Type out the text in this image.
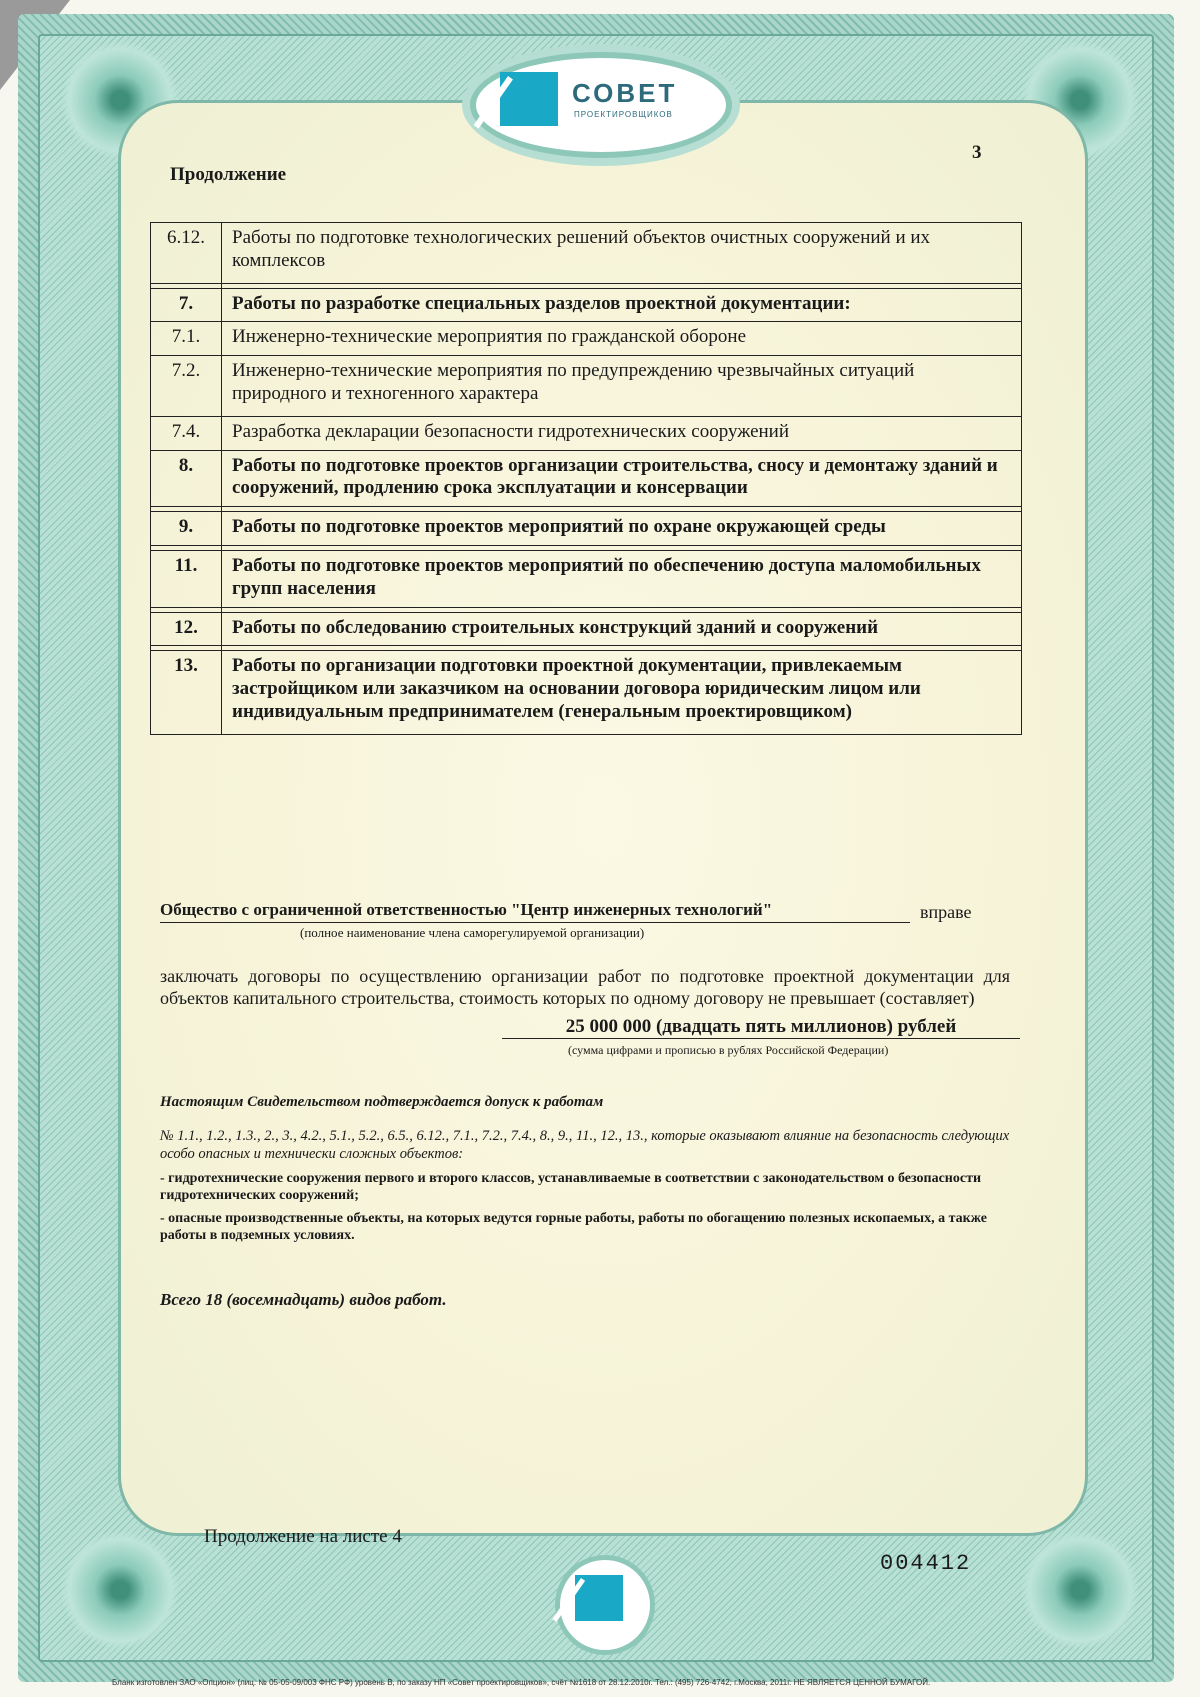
СОВЕТ
ПРОЕКТИРОВЩИКОВ
Продолжение
3
6.12.	Работы по подготовке технологических решений объектов очистных сооружений и их комплексов

7.	Работы по разработке специальных разделов проектной документации:
7.1.	Инженерно-технические мероприятия по гражданской обороне
7.2.	Инженерно-технические мероприятия по предупреждению чрезвычайных ситуаций природного и техногенного характера
7.4.	Разработка декларации безопасности гидротехнических сооружений
8.	Работы по подготовке проектов организации строительства, сносу и демонтажу зданий и сооружений, продлению срока эксплуатации и консервации

9.	Работы по подготовке проектов мероприятий по охране окружающей среды

11.	Работы по подготовке проектов мероприятий по обеспечению доступа маломобильных групп населения

12.	Работы по обследованию строительных конструкций зданий и сооружений

13.	Работы по организации подготовки проектной документации, привлекаемым застройщиком или заказчиком на основании договора юридическим лицом или индивидуальным предпринимателем (генеральным проектировщиком)
Общество с ограниченной ответственностью "Центр инженерных технологий"	вправе
(полное наименование члена саморегулируемой организации)
заключать договоры по осуществлению организации работ по подготовке проектной документации для объектов капитального строительства, стоимость которых по одному договору не превышает (составляет)
25 000 000 (двадцать пять миллионов) рублей
(сумма цифрами и прописью в рублях Российской Федерации)
Настоящим Свидетельством подтверждается допуск к работам
№ 1.1., 1.2., 1.3., 2., 3., 4.2., 5.1., 5.2., 6.5., 6.12., 7.1., 7.2., 7.4., 8., 9., 11., 12., 13., которые оказывают влияние на безопасность следующих особо опасных и технически сложных объектов:
- гидротехнические сооружения первого и второго классов, устанавливаемые в соответствии с законодательством о безопасности гидротехнических сооружений;
- опасные производственные объекты, на которых ведутся горные работы, работы по обогащению полезных ископаемых, а также работы в подземных условиях.
Всего 18 (восемнадцать) видов работ.
Продолжение на листе 4
004412
Бланк изготовлен ЗАО «Опцион» (лиц. № 05-05-09/003 ФНС РФ) уровень В, по заказу НП «Совет проектировщиков», счёт №1618 от 28.12.2010г. Тел.: (495) 726-4742, г.Москва, 2011г. НЕ ЯВЛЯЕТСЯ ЦЕННОЙ БУМАГОЙ.
